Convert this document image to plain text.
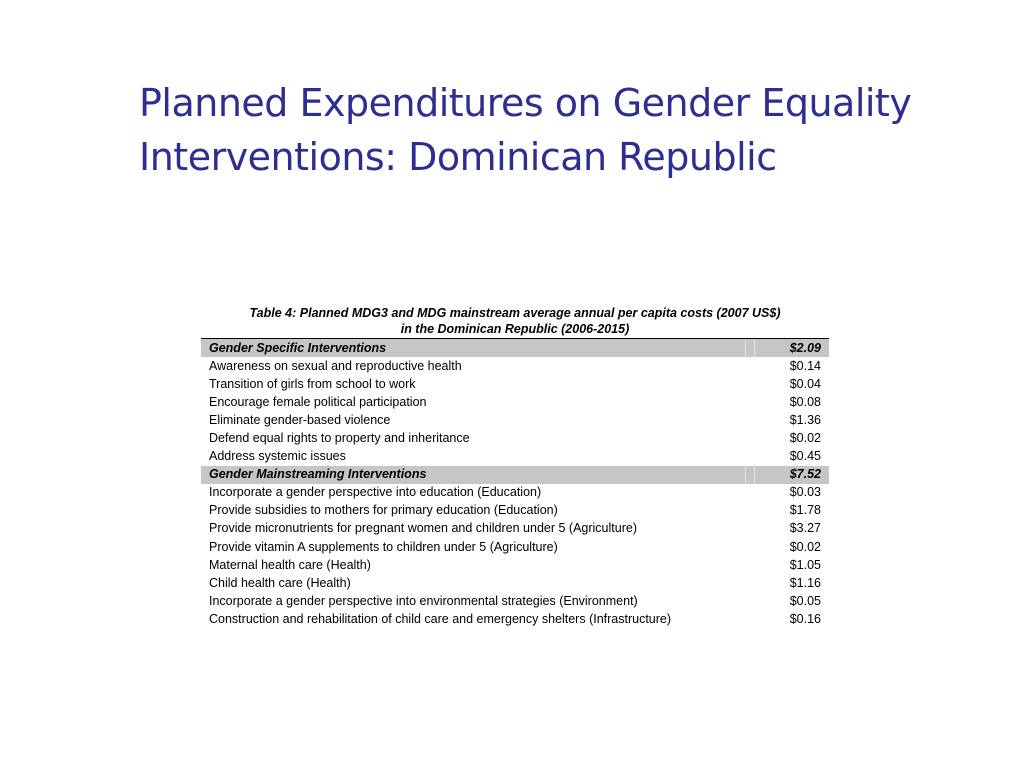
Planned Expenditures on Gender Equality
Interventions: Dominican Republic
Table 4: Planned MDG3 and MDG mainstream average annual per capita costs (2007 US$)
in the Dominican Republic (2006-2015)
Gender Specific Interventions		$2.09
Awareness on sexual and reproductive health		$0.14
Transition of girls from school to work		$0.04
Encourage female political participation		$0.08
Eliminate gender-based violence		$1.36
Defend equal rights to property and inheritance		$0.02
Address systemic issues		$0.45
Gender Mainstreaming Interventions		$7.52
Incorporate a gender perspective into education (Education)		$0.03
Provide subsidies to mothers for primary education (Education)		$1.78
Provide micronutrients for pregnant women and children under 5 (Agriculture)		$3.27
Provide vitamin A supplements to children under 5 (Agriculture)		$0.02
Maternal health care (Health)		$1.05
Child health care (Health)		$1.16
Incorporate a gender perspective into environmental strategies (Environment)		$0.05
Construction and rehabilitation of child care and emergency shelters (Infrastructure)		$0.16
